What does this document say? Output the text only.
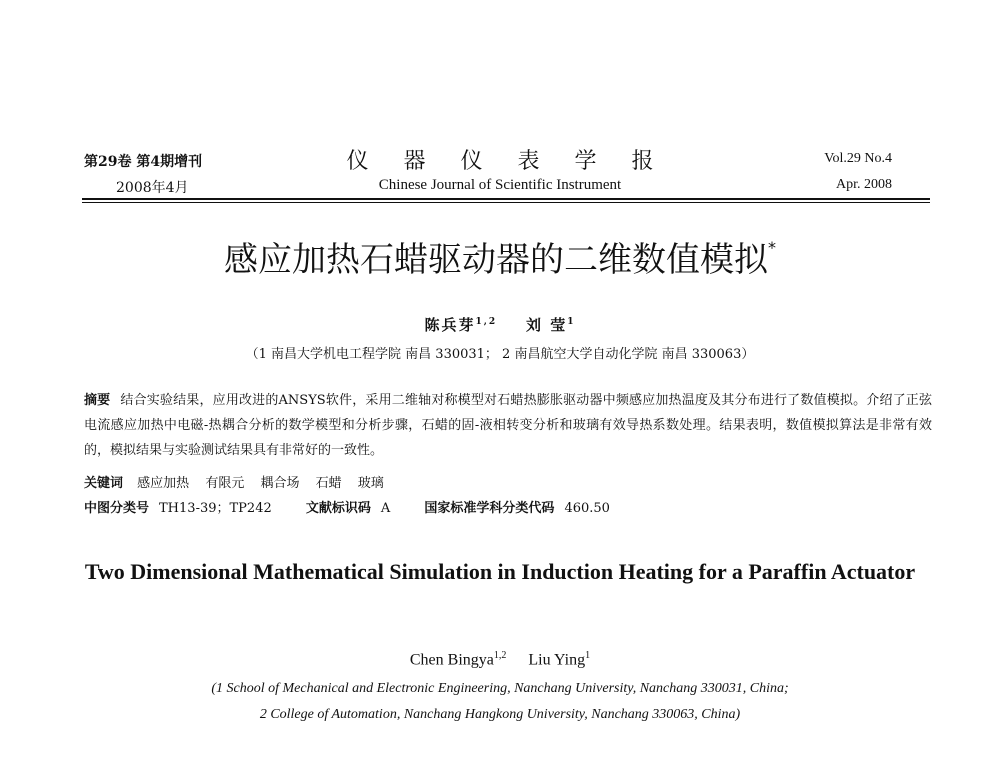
第29卷 第4期增刊
2008年4月
仪 器 仪 表 学 报
Chinese Journal of Scientific Instrument
Vol.29 No.4
Apr. 2008
感应加热石蜡驱动器的二维数值模拟*
陈兵芽$^{1,2}$ 刘 莹$^1$
（1 南昌大学机电工程学院 南昌 330031； 2 南昌航空大学自动化学院 南昌 330063）
摘要 结合实验结果，应用改进的ANSYS软件，采用二维轴对称模型对石蜡热膨胀驱动器中频感应加热温度及其分布进行了数值模拟。介绍了正弦电流感应加热中电磁-热耦合分析的数学模型和分析步骤，石蜡的固-液相转变分析和玻璃有效导热系数处理。结果表明，数值模拟算法是非常有效的，模拟结果与实验测试结果具有非常好的一致性。
关键词 感应加热 有限元 耦合场 石蜡 玻璃
中图分类号 TH13-39；TP242	文献标识码 A	国家标准学科分类代码 460.50
Two Dimensional Mathematical Simulation in Induction Heating for a Paraffin Actuator
Chen Bingya$^{1,2}$ Liu Ying$^1$
(1 School of Mechanical and Electronic Engineering, Nanchang University, Nanchang 330031, China;
2 College of Automation, Nanchang Hangkong University, Nanchang 330063, China)
